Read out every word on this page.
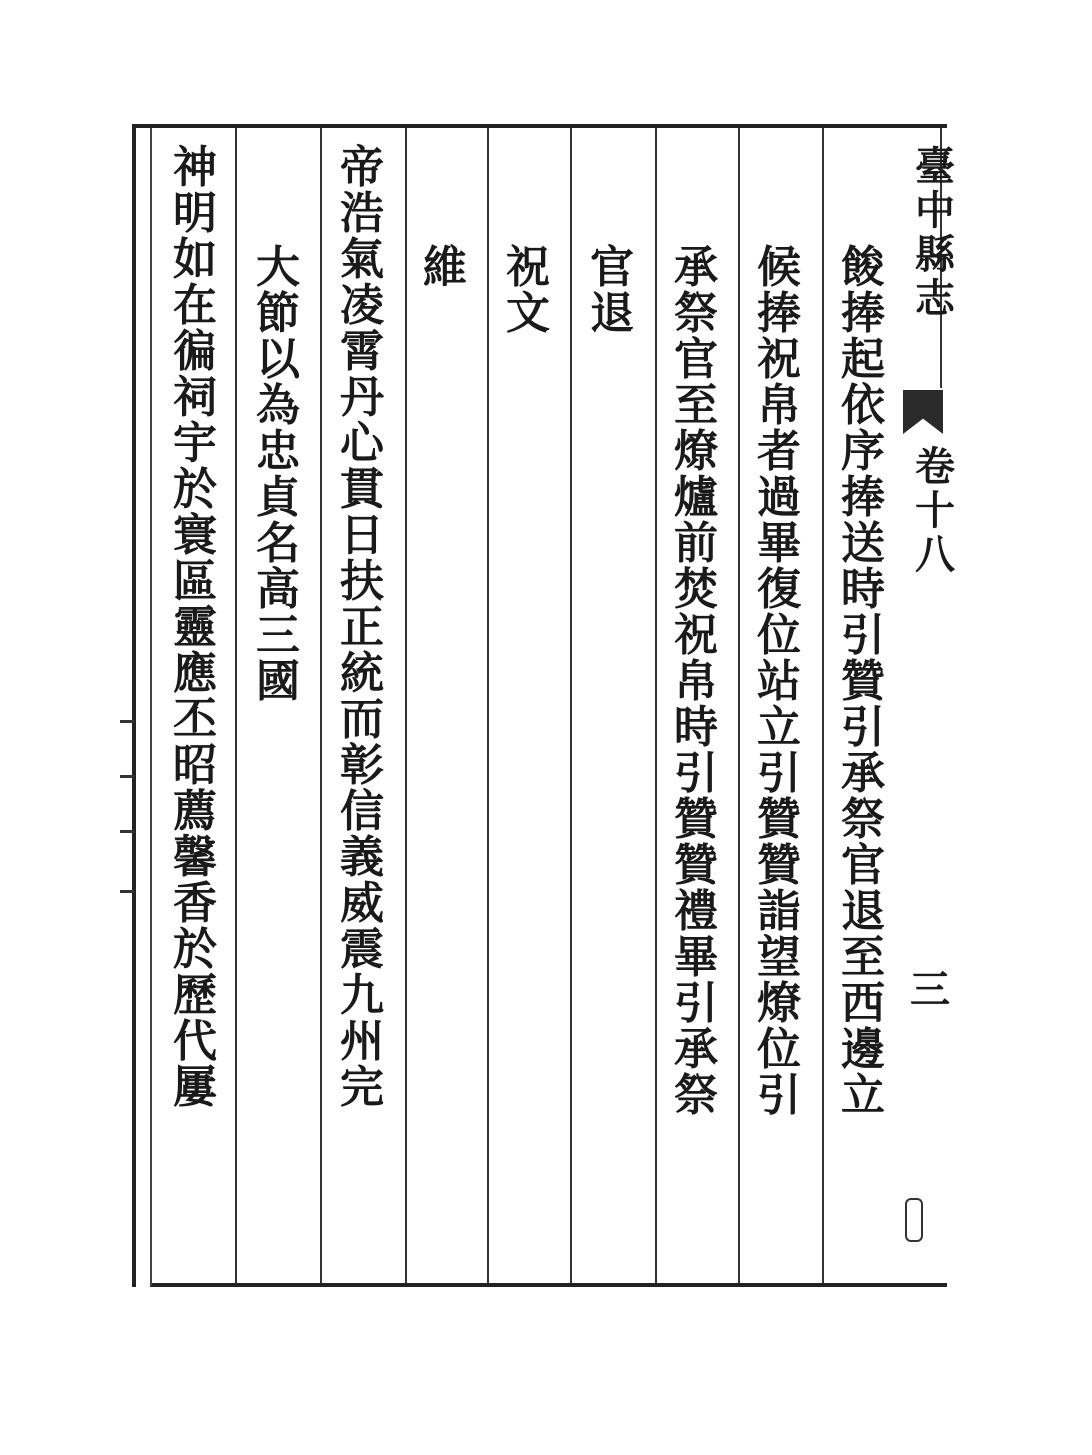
臺
中
縣
志
卷
十
八
三
餕
捧
起
依
序
捧
送
時
引
贊
引
承
祭
官
退
至
西
邊
立
候
捧
祝
帛
者
過
畢
復
位
站
立
引
贊
贊
詣
望
燎
位
引
承
祭
官
至
燎
爐
前
焚
祝
帛
時
引
贊
贊
禮
畢
引
承
祭
官
退
祝
文
維
帝
浩
氣
凌
霄
丹
心
貫
日
扶
正
統
而
彰
信
義
威
震
九
州
完
大
節
以
為
忠
貞
名
高
三
國
神
明
如
在
徧
祠
宇
於
寰
區
靈
應
丕
昭
薦
馨
香
於
歷
代
屢
